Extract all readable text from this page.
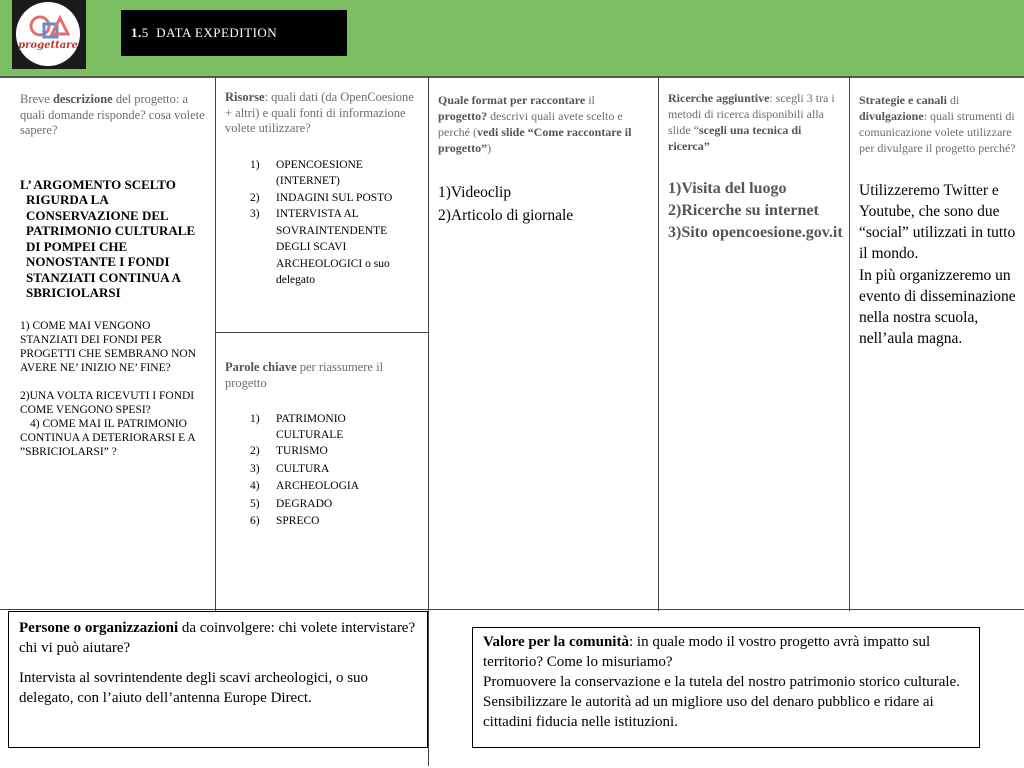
progettare
1. 5
DATA EXPEDITION
Breve descrizione del progetto: a quali domande risponde? cosa volete sapere?
L’ ARGOMENTO SCELTO RIGURDA LA CONSERVAZIONE DEL PATRIMONIO CULTURALE DI POMPEI CHE NONOSTANTE I FONDI STANZIATI CONTINUA A SBRICIOLARSI
1) COME MAI VENGONO STANZIATI DEI FONDI PER PROGETTI CHE SEMBRANO NON AVERE NE’ INIZIO NE’ FINE?
2)UNA VOLTA RICEVUTI I FONDI COME VENGONO SPESI?
4) COME MAI IL PATRIMONIO CONTINUA A DETERIORARSI E A ”SBRICIOLARSI” ?
Risorse: quali dati (da OpenCoesione + altri) e quali fonti di informazione volete utilizzare?
1)	OPENCOESIONE (INTERNET)
2)	INDAGINI SUL POSTO
3)	INTERVISTA AL SOVRAINTENDENTE DEGLI SCAVI ARCHEOLOGICI o suo delegato
Parole chiave per riassumere il progetto
1)	PATRIMONIO CULTURALE
2)	TURISMO
3)	CULTURA
4)	ARCHEOLOGIA
5)	DEGRADO
6)	SPRECO
Quale format per raccontare il progetto? descrivi quali avete scelto e perché (vedi slide “Come raccontare il progetto”)
1)Videoclip
2)Articolo di giornale
Ricerche aggiuntive: scegli 3 tra i metodi di ricerca disponibili alla slide “scegli una tecnica di ricerca”
1)Visita del luogo
2)Ricerche su internet
3)Sito opencoesione.gov.it
Strategie e canali di divulgazione: quali strumenti di comunicazione volete utilizzare per divulgare il progetto perché?
Utilizzeremo Twitter e Youtube, che sono due “social” utilizzati in tutto il mondo.
In più organizzeremo un evento di disseminazione nella nostra scuola, nell’aula magna.
Persone o organizzazioni da coinvolgere: chi volete intervistare? chi vi può aiutare?
Intervista al sovrintendente degli scavi archeologici, o suo delegato, con l’aiuto dell’antenna Europe Direct.
Valore per la comunità: in quale modo il vostro progetto avrà impatto sul territorio? Come lo misuriamo?
Promuovere la conservazione e la tutela del nostro patrimonio storico culturale. Sensibilizzare le autorità ad un migliore uso del denaro pubblico e ridare ai cittadini fiducia nelle istituzioni.
